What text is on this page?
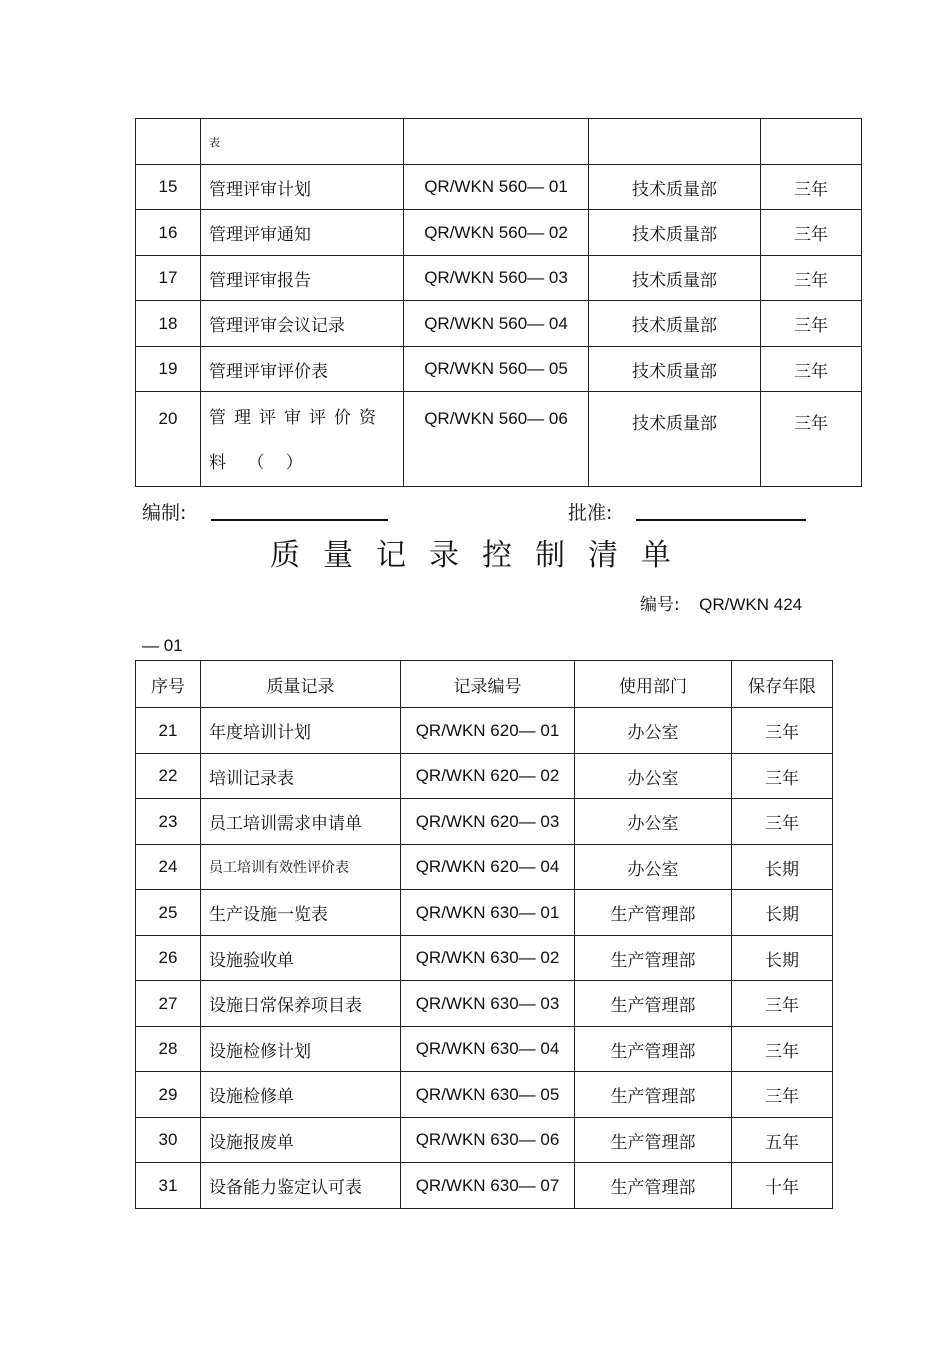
	表			
15	管理评审计划	QR/WKN 560— 01	技术质量部	三年
16	管理评审通知	QR/WKN 560— 02	技术质量部	三年
17	管理评审报告	QR/WKN 560— 03	技术质量部	三年
18	管理评审会议记录	QR/WKN 560— 04	技术质量部	三年
19	管理评审评价表	QR/WKN 560— 05	技术质量部	三年
20	管理评审评价资料 （ ）	QR/WKN 560— 06	技术质量部	三年
编制:	批准:
质量记录控制清单
编号: QR/WKN 424
— 01
序号	质量记录	记录编号	使用部门	保存年限
21	年度培训计划	QR/WKN 620— 01	办公室	三年
22	培训记录表	QR/WKN 620— 02	办公室	三年
23	员工培训需求申请单	QR/WKN 620— 03	办公室	三年
24	员工培训有效性评价表	QR/WKN 620— 04	办公室	长期
25	生产设施一览表	QR/WKN 630— 01	生产管理部	长期
26	设施验收单	QR/WKN 630— 02	生产管理部	长期
27	设施日常保养项目表	QR/WKN 630— 03	生产管理部	三年
28	设施检修计划	QR/WKN 630— 04	生产管理部	三年
29	设施检修单	QR/WKN 630— 05	生产管理部	三年
30	设施报废单	QR/WKN 630— 06	生产管理部	五年
31	设备能力鉴定认可表	QR/WKN 630— 07	生产管理部	十年
